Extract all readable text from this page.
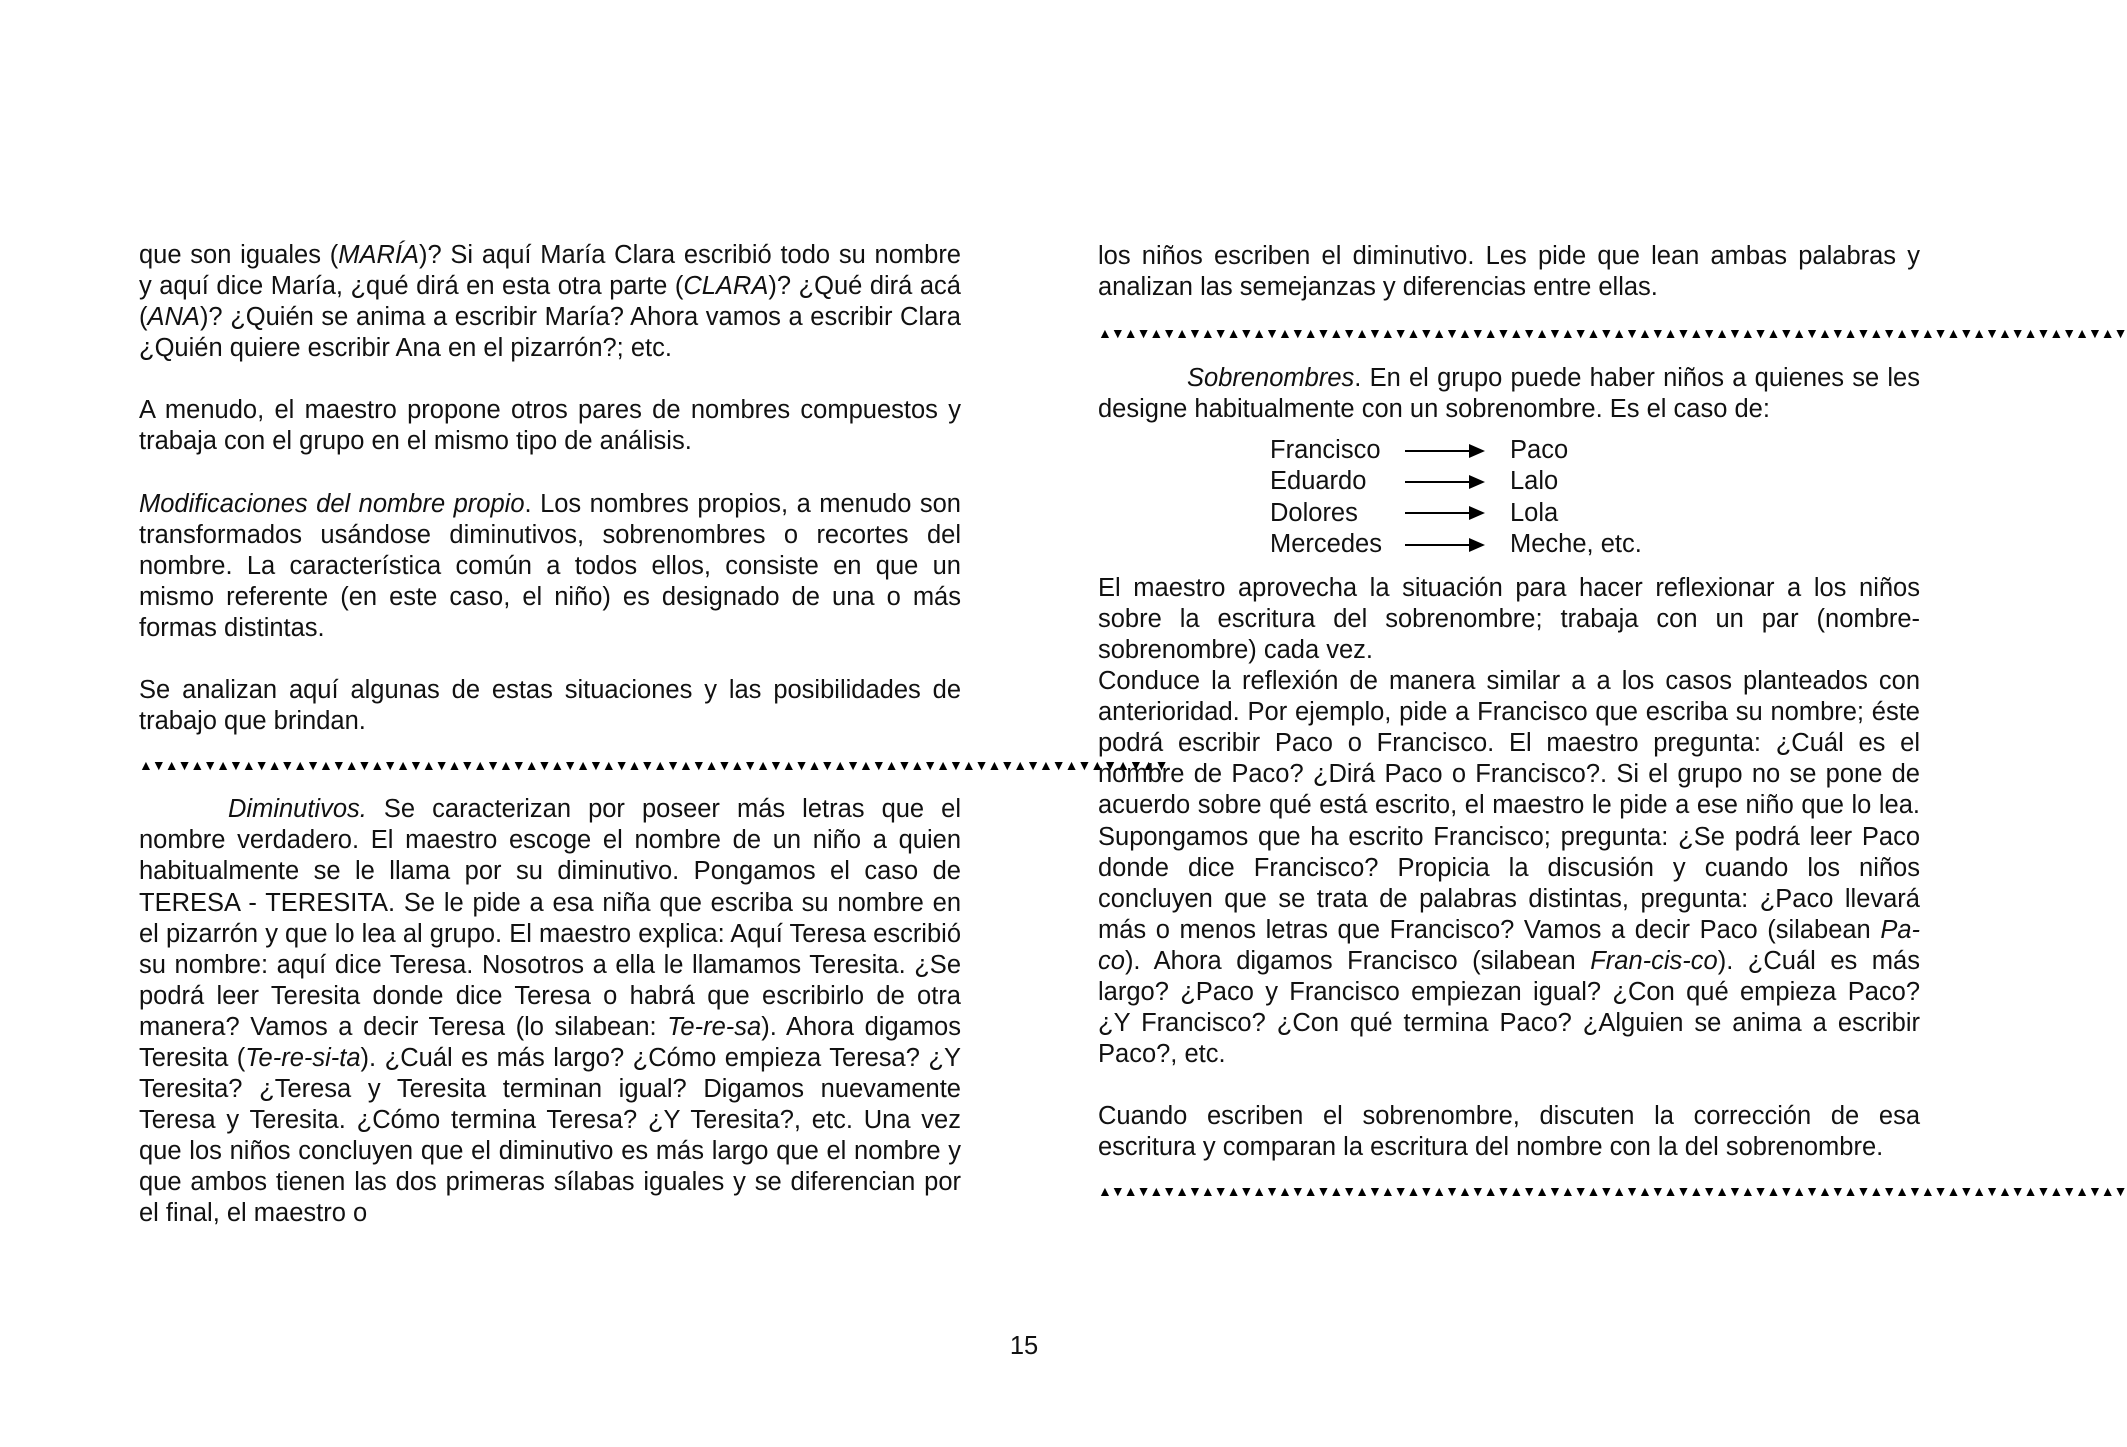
que son iguales (MARÍA)? Si aquí María Clara escribió todo su nombre y aquí dice María, ¿qué dirá en esta otra parte (CLARA)? ¿Qué dirá acá (ANA)? ¿Quién se anima a escribir María? Ahora vamos a escribir Clara ¿Quién quiere escribir Ana en el pizarrón?; etc.

A menudo, el maestro propone otros pares de nombres compuestos y trabaja con el grupo en el mismo tipo de análisis.

Modificaciones del nombre propio. Los nombres propios, a menudo son transformados usándose diminutivos, sobrenombres o recortes del nombre. La característica común a todos ellos, consiste en que un mismo referente (en este caso, el niño) es designado de una o más formas distintas.

Se analizan aquí algunas de estas situaciones y las posibilidades de trabajo que brindan.

▲▼▲▼▲▼▲▼▲▼▲▼▲▼▲▼▲▼▲▼▲▼▲▼▲▼▲▼▲▼▲▼▲▼▲▼▲▼▲▼▲▼▲▼▲▼▲▼▲▼▲▼▲▼▲▼▲▼▲▼▲▼▲▼▲▼▲▼▲▼▲▼▲▼▲▼▲▼▲▼

Diminutivos. Se caracterizan por poseer más letras que el nombre verdadero. El maestro escoge el nombre de un niño a quien habitualmente se le llama por su diminutivo. Pongamos el caso de TERESA - TERESITA. Se le pide a esa niña que escriba su nombre en el pizarrón y que lo lea al grupo. El maestro explica: Aquí Teresa escribió su nombre: aquí dice Teresa. Nosotros a ella le llamamos Teresita. ¿Se podrá leer Teresita donde dice Teresa o habrá que escribirlo de otra manera? Vamos a decir Teresa (lo silabean: Te-re-sa). Ahora digamos Teresita (Te-re-si-ta). ¿Cuál es más largo? ¿Cómo empieza Teresa? ¿Y Teresita? ¿Teresa y Teresita terminan igual? Digamos nuevamente Teresa y Teresita. ¿Cómo termina Teresa? ¿Y Teresita?, etc. Una vez que los niños concluyen que el diminutivo es más largo que el nombre y que ambos tienen las dos primeras sílabas iguales y se diferencian por el final, el maestro o

los niños escriben el diminutivo. Les pide que lean ambas palabras y analizan las semejanzas y diferencias entre ellas.

▲▼▲▼▲▼▲▼▲▼▲▼▲▼▲▼▲▼▲▼▲▼▲▼▲▼▲▼▲▼▲▼▲▼▲▼▲▼▲▼▲▼▲▼▲▼▲▼▲▼▲▼▲▼▲▼▲▼▲▼▲▼▲▼▲▼▲▼▲▼▲▼▲▼▲▼▲▼▲▼

Sobrenombres. En el grupo puede haber niños a quienes se les designe habitualmente con un sobrenombre. Es el caso de:

Francisco	Paco
Eduardo	Lalo
Dolores	Lola
Mercedes	Meche, etc.

El maestro aprovecha la situación para hacer reflexionar a los niños sobre la escritura del sobrenombre; trabaja con un par (nombre-sobrenombre) cada vez.

Conduce la reflexión de manera similar a a los casos planteados con anterioridad. Por ejemplo, pide a Francisco que escriba su nombre; éste podrá escribir Paco o Francisco. El maestro pregunta: ¿Cuál es el nombre de Paco? ¿Dirá Paco o Francisco?. Si el grupo no se pone de acuerdo sobre qué está escrito, el maestro le pide a ese niño que lo lea. Supongamos que ha escrito Francisco; pregunta: ¿Se podrá leer Paco donde dice Francisco? Propicia la discusión y cuando los niños concluyen que se trata de palabras distintas, pregunta: ¿Paco llevará más o menos letras que Francisco? Vamos a decir Paco (silabean Pa-co). Ahora digamos Francisco (silabean Fran-cis-co). ¿Cuál es más largo? ¿Paco y Francisco empiezan igual? ¿Con qué empieza Paco? ¿Y Francisco? ¿Con qué termina Paco? ¿Alguien se anima a escribir Paco?, etc.

Cuando escriben el sobrenombre, discuten la corrección de esa escritura y comparan la escritura del nombre con la del sobrenombre.

▲▼▲▼▲▼▲▼▲▼▲▼▲▼▲▼▲▼▲▼▲▼▲▼▲▼▲▼▲▼▲▼▲▼▲▼▲▼▲▼▲▼▲▼▲▼▲▼▲▼▲▼▲▼▲▼▲▼▲▼▲▼▲▼▲▼▲▼▲▼▲▼▲▼▲▼▲▼▲▼
15
